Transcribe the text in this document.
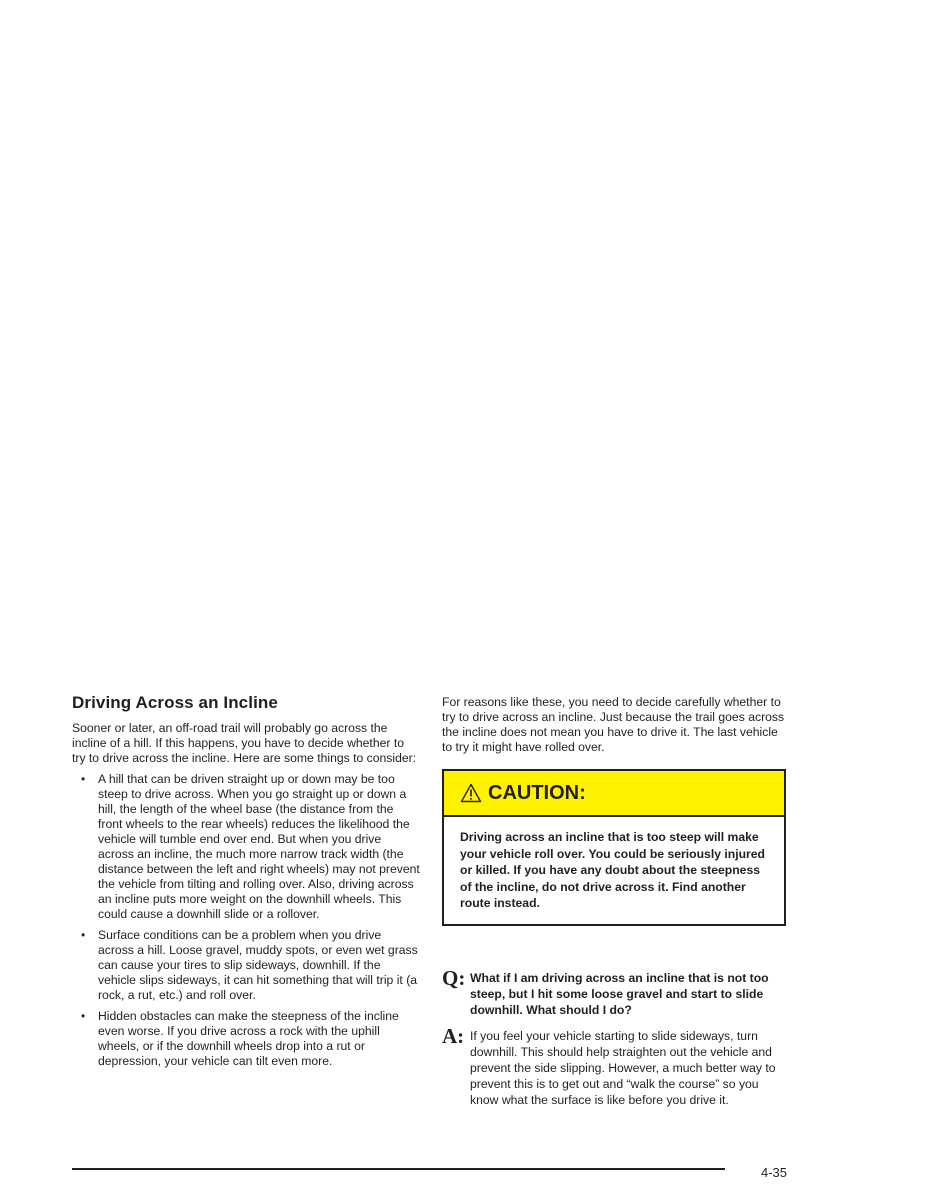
Driving Across an Incline

Sooner or later, an off-road trail will probably go across the incline of a hill. If this happens, you have to decide whether to try to drive across the incline. Here are some things to consider:

• A hill that can be driven straight up or down may be too steep to drive across. When you go straight up or down a hill, the length of the wheel base (the distance from the front wheels to the rear wheels) reduces the likelihood the vehicle will tumble end over end. But when you drive across an incline, the much more narrow track width (the distance between the left and right wheels) may not prevent the vehicle from tilting and rolling over. Also, driving across an incline puts more weight on the downhill wheels. This could cause a downhill slide or a rollover.
• Surface conditions can be a problem when you drive across a hill. Loose gravel, muddy spots, or even wet grass can cause your tires to slip sideways, downhill. If the vehicle slips sideways, it can hit something that will trip it (a rock, a rut, etc.) and roll over.
• Hidden obstacles can make the steepness of the incline even worse. If you drive across a rock with the uphill wheels, or if the downhill wheels drop into a rut or depression, your vehicle can tilt even more.

For reasons like these, you need to decide carefully whether to try to drive across an incline. Just because the trail goes across the incline does not mean you have to drive it. The last vehicle to try it might have rolled over.

CAUTION:
Driving across an incline that is too steep will make your vehicle roll over. You could be seriously injured or killed. If you have any doubt about the steepness of the incline, do not drive across it. Find another route instead.
Q: What if I am driving across an incline that is not too steep, but I hit some loose gravel and start to slide downhill. What should I do?
A: If you feel your vehicle starting to slide sideways, turn downhill. This should help straighten out the vehicle and prevent the side slipping. However, a much better way to prevent this is to get out and “walk the course” so you know what the surface is like before you drive it.
4-35
